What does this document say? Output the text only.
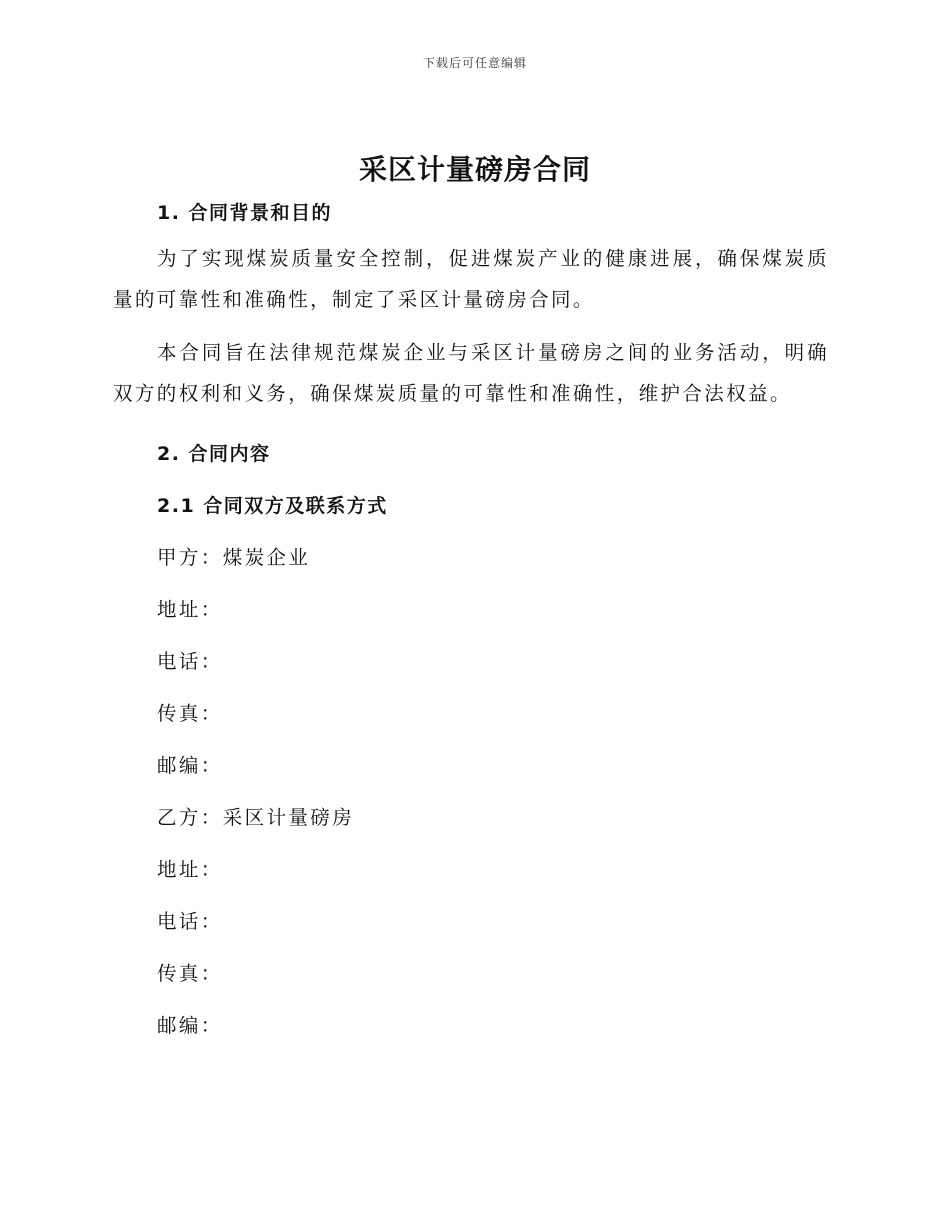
下载后可任意编辑
采区计量磅房合同
1. 合同背景和目的
为了实现煤炭质量安全控制，促进煤炭产业的健康进展，确保煤炭质量的可靠性和准确性，制定了采区计量磅房合同。
本合同旨在法律规范煤炭企业与采区计量磅房之间的业务活动，明确双方的权利和义务，确保煤炭质量的可靠性和准确性，维护合法权益。
2. 合同内容
2.1 合同双方及联系方式
甲方：煤炭企业
地址：
电话：
传真：
邮编：
乙方：采区计量磅房
地址：
电话：
传真：
邮编：
